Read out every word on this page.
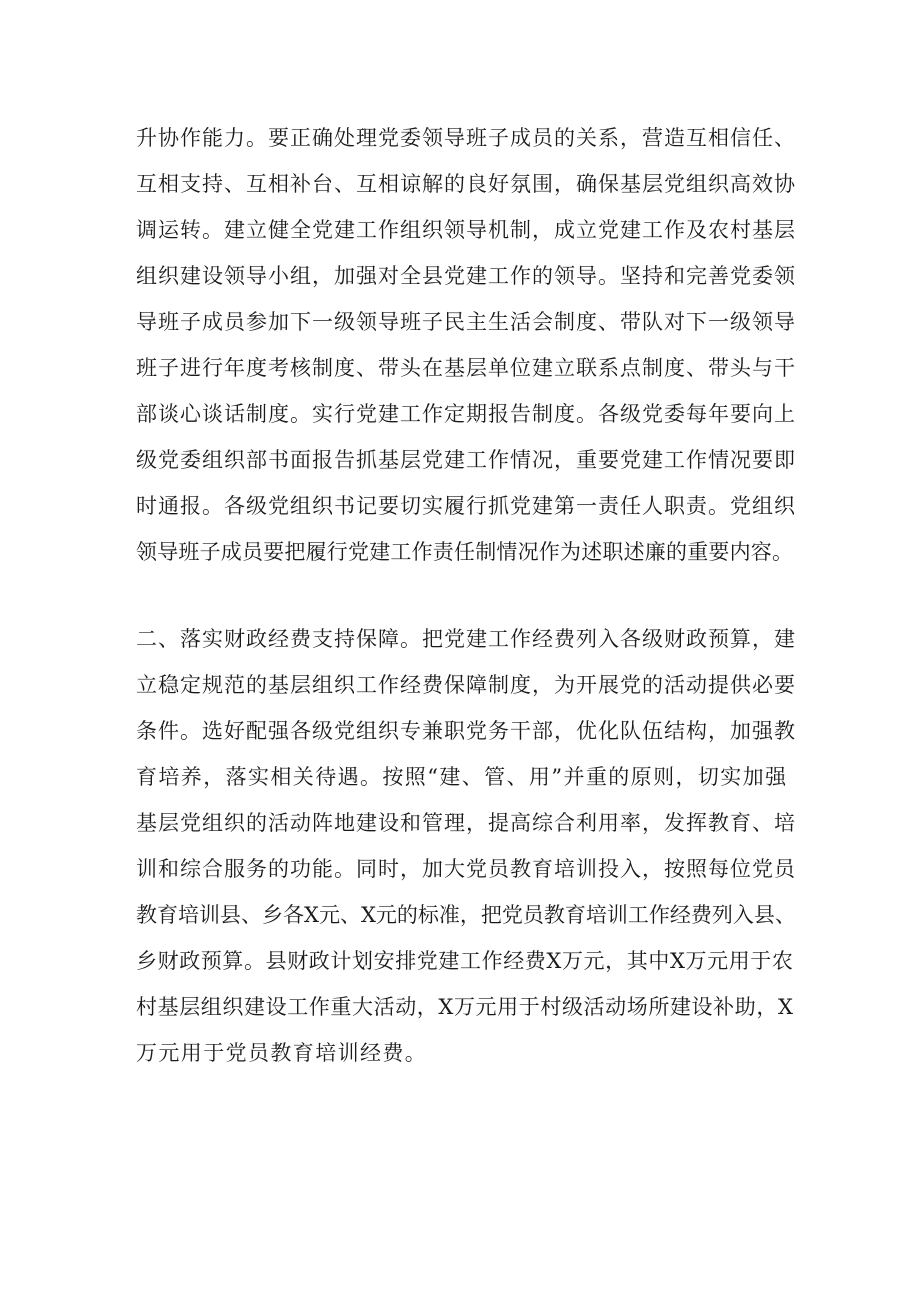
升协作能力。要正确处理党委领导班子成员的关系，营造互相信任、
互相支持、互相补台、互相谅解的良好氛围，确保基层党组织高效协
调运转。建立健全党建工作组织领导机制，成立党建工作及农村基层
组织建设领导小组，加强对全县党建工作的领导。坚持和完善党委领
导班子成员参加下一级领导班子民主生活会制度、带队对下一级领导
班子进行年度考核制度、带头在基层单位建立联系点制度、带头与干
部谈心谈话制度。实行党建工作定期报告制度。各级党委每年要向上
级党委组织部书面报告抓基层党建工作情况，重要党建工作情况要即
时通报。各级党组织书记要切实履行抓党建第一责任人职责。党组织
领导班子成员要把履行党建工作责任制情况作为述职述廉的重要内容。
二、落实财政经费支持保障。把党建工作经费列入各级财政预算，建
立稳定规范的基层组织工作经费保障制度，为开展党的活动提供必要
条件。选好配强各级党组织专兼职党务干部，优化队伍结构，加强教
育培养，落实相关待遇。按照“建、管、用”并重的原则，切实加强
基层党组织的活动阵地建设和管理，提高综合利用率，发挥教育、培
训和综合服务的功能。同时，加大党员教育培训投入，按照每位党员
教育培训县、乡各X元、X元的标准，把党员教育培训工作经费列入县、
乡财政预算。县财政计划安排党建工作经费X万元，其中X万元用于农
村基层组织建设工作重大活动，X万元用于村级活动场所建设补助，X
万元用于党员教育培训经费。
